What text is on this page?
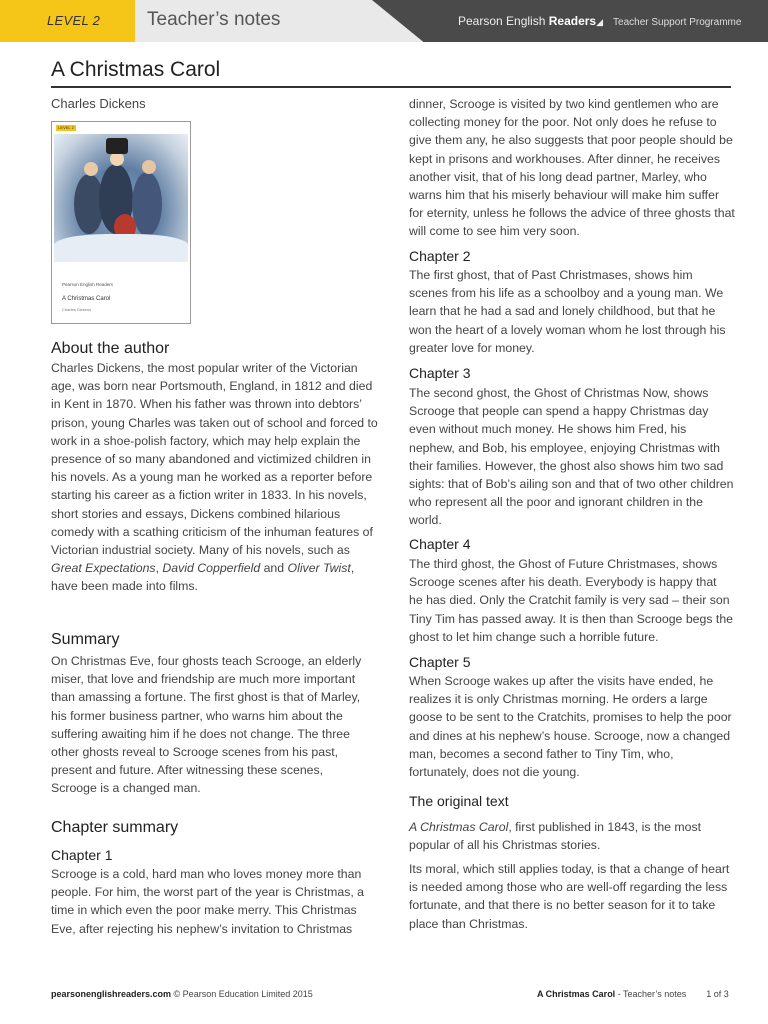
LEVEL 2 Teacher’s notes	Pearson English Readers◢ Teacher Support Programme
A Christmas Carol
Charles Dickens
LEVEL 2
Pearson English Readers
A Christmas Carol
Charles Dickens
About the author

Charles Dickens, the most popular writer of the Victorian age, was born near Portsmouth, England, in 1812 and died in Kent in 1870. When his father was thrown into debtors’ prison, young Charles was taken out of school and forced to work in a shoe-polish factory, which may help explain the presence of so many abandoned and victimized children in his novels. As a young man he worked as a reporter before starting his career as a fiction writer in 1833. In his novels, short stories and essays, Dickens combined hilarious comedy with a scathing criticism of the inhuman features of Victorian industrial society. Many of his novels, such as Great Expectations, David Copperfield and Oliver Twist, have been made into films.

Summary

On Christmas Eve, four ghosts teach Scrooge, an elderly miser, that love and friendship are much more important than amassing a fortune. The first ghost is that of Marley, his former business partner, who warns him about the suffering awaiting him if he does not change. The three other ghosts reveal to Scrooge scenes from his past, present and future. After witnessing these scenes, Scrooge is a changed man.

Chapter summary
Chapter 1

Scrooge is a cold, hard man who loves money more than people. For him, the worst part of the year is Christmas, a time in which even the poor make merry. This Christmas Eve, after rejecting his nephew’s invitation to Christmas

dinner, Scrooge is visited by two kind gentlemen who are collecting money for the poor. Not only does he refuse to give them any, he also suggests that poor people should be kept in prisons and workhouses. After dinner, he receives another visit, that of his long dead partner, Marley, who warns him that his miserly behaviour will make him suffer for eternity, unless he follows the advice of three ghosts that will come to see him very soon.

Chapter 2

The first ghost, that of Past Christmases, shows him scenes from his life as a schoolboy and a young man. We learn that he had a sad and lonely childhood, but that he won the heart of a lovely woman whom he lost through his greater love for money.

Chapter 3

The second ghost, the Ghost of Christmas Now, shows Scrooge that people can spend a happy Christmas day even without much money. He shows him Fred, his nephew, and Bob, his employee, enjoying Christmas with their families. However, the ghost also shows him two sad sights: that of Bob’s ailing son and that of two other children who represent all the poor and ignorant children in the world.

Chapter 4

The third ghost, the Ghost of Future Christmases, shows Scrooge scenes after his death. Everybody is happy that he has died. Only the Cratchit family is very sad – their son Tiny Tim has passed away. It is then than Scrooge begs the ghost to let him change such a horrible future.

Chapter 5

When Scrooge wakes up after the visits have ended, he realizes it is only Christmas morning. He orders a large goose to be sent to the Cratchits, promises to help the poor and dines at his nephew’s house. Scrooge, now a changed man, becomes a second father to Tiny Tim, who, fortunately, does not die young.

The original text

A Christmas Carol, first published in 1843, is the most popular of all his Christmas stories.

Its moral, which still applies today, is that a change of heart is needed among those who are well-off regarding the less fortunate, and that there is no better season for it to take place than Christmas.

pearsonenglishreaders.com © Pearson Education Limited 2015	A Christmas Carol - Teacher’s notes 1 of 3
